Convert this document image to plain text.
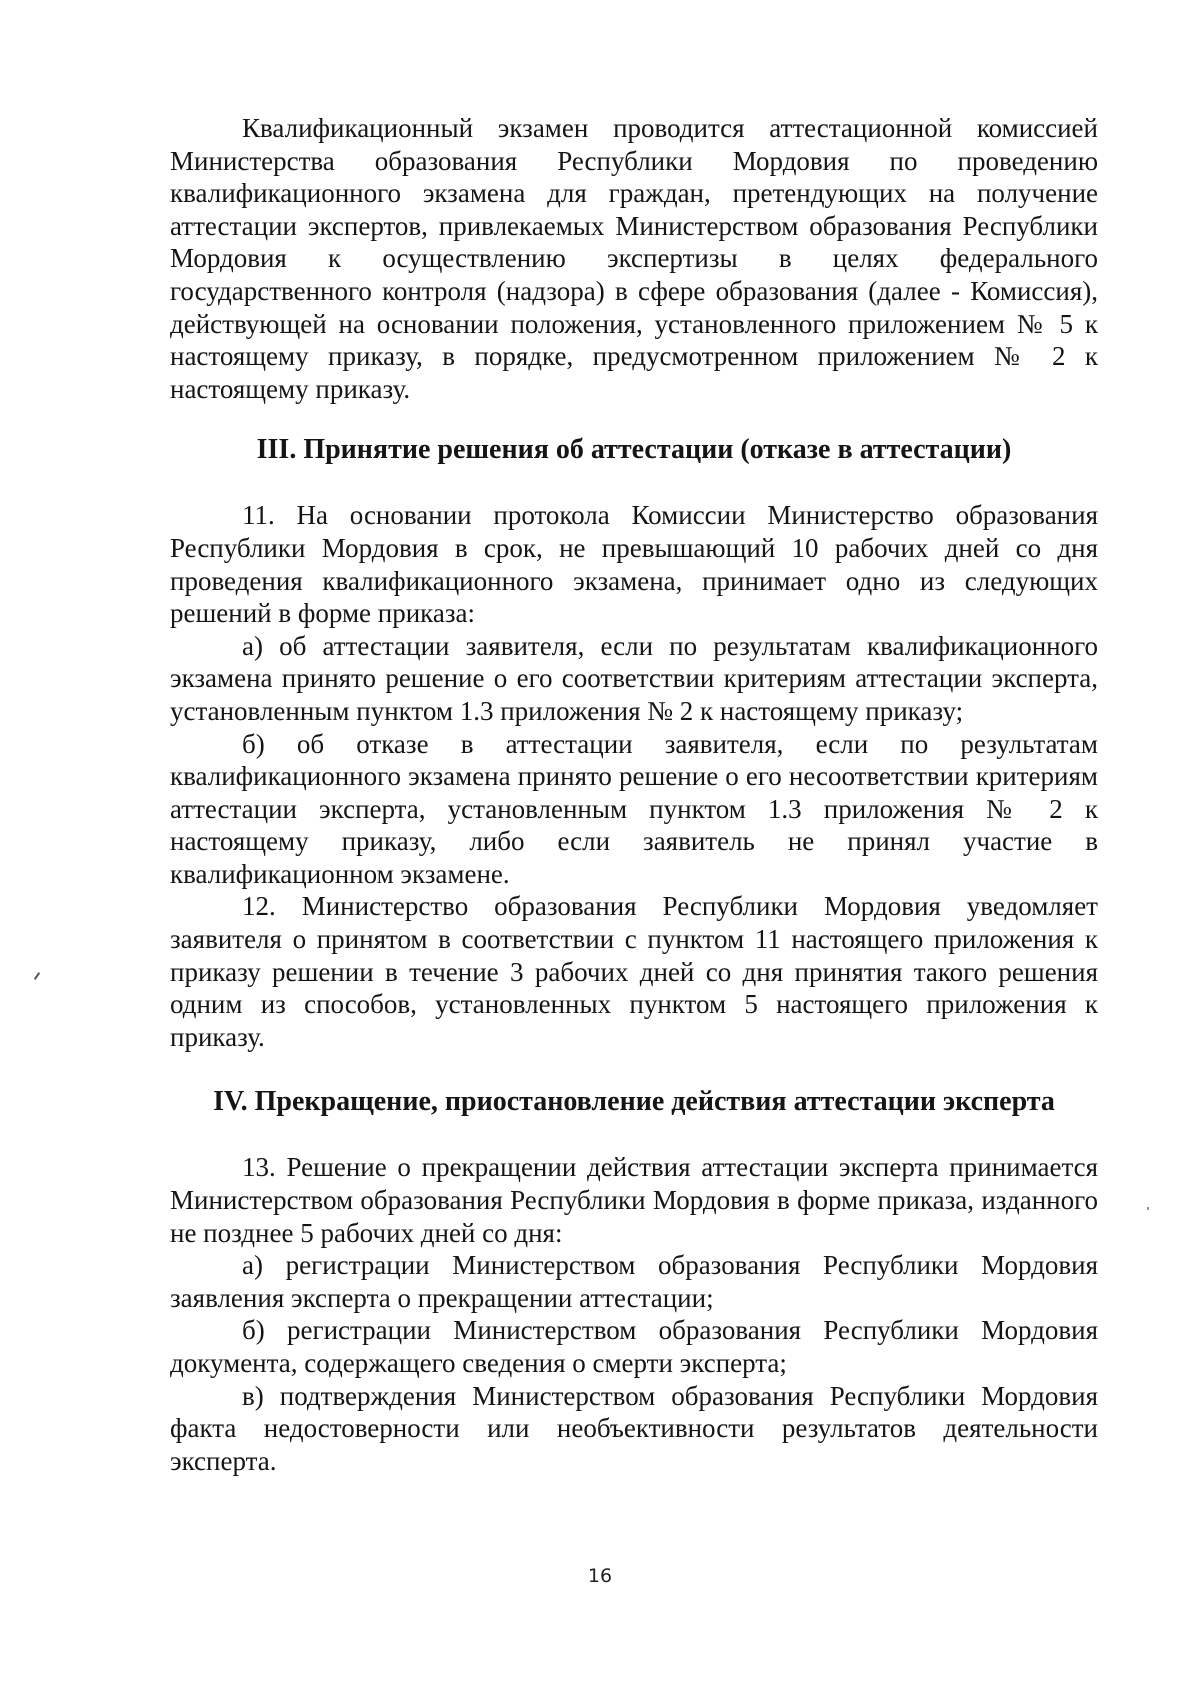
Квалификационный экзамен проводится аттестационной комиссией Министерства образования Республики Мордовия по проведению квалификационного экзамена для граждан, претендующих на получение аттестации экспертов, привлекаемых Министерством образования Республики Мордовия к осуществлению экспертизы в целях федерального государственного контроля (надзора) в сфере образования (далее - Комиссия), действующей на основании положения, установленного приложением № 5 к настоящему приказу, в порядке, предусмотренном приложением № 2 к настоящему приказу.

III. Принятие решения об аттестации (отказе в аттестации)

11. На основании протокола Комиссии Министерство образования Республики Мордовия в срок, не превышающий 10 рабочих дней со дня проведения квалификационного экзамена, принимает одно из следующих решений в форме приказа:

а) об аттестации заявителя, если по результатам квалификационного экзамена принято решение о его соответствии критериям аттестации эксперта, установленным пунктом 1.3 приложения № 2 к настоящему приказу;

б) об отказе в аттестации заявителя, если по результатам квалификационного экзамена принято решение о его несоответствии критериям аттестации эксперта, установленным пунктом 1.3 приложения № 2 к настоящему приказу, либо если заявитель не принял участие в квалификационном экзамене.

12. Министерство образования Республики Мордовия уведомляет заявителя о принятом в соответствии с пунктом 11 настоящего приложения к приказу решении в течение 3 рабочих дней со дня принятия такого решения одним из способов, установленных пунктом 5 настоящего приложения к приказу.

IV. Прекращение, приостановление действия аттестации эксперта

13. Решение о прекращении действия аттестации эксперта принимается Министерством образования Республики Мордовия в форме приказа, изданного не позднее 5 рабочих дней со дня:

а) регистрации Министерством образования Республики Мордовия заявления эксперта о прекращении аттестации;

б) регистрации Министерством образования Республики Мордовия документа, содержащего сведения о смерти эксперта;

в) подтверждения Министерством образования Республики Мордовия факта недостоверности или необъективности результатов деятельности эксперта.

16
